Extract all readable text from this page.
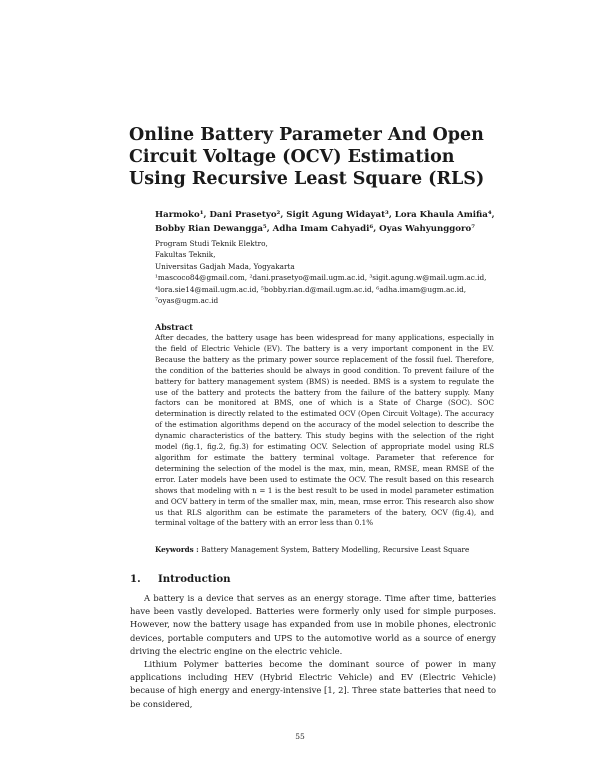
Online Battery Parameter And Open Circuit Voltage (OCV) Estimation Using Recursive Least Square (RLS)

Harmoko¹, Dani Prasetyo², Sigit Agung Widayat³, Lora Khaula Amifia⁴, Bobby Rian Dewangga⁵, Adha Imam Cahyadi⁶, Oyas Wahyunggoro⁷

Program Studi Teknik Elektro,
Fakultas Teknik,
Universitas Gadjah Mada, Yogyakarta
¹mascoco84@gmail.com, ²dani.prasetyo@mail.ugm.ac.id, ³sigit.agung.w@mail.ugm.ac.id,
⁴lora.sie14@mail.ugm.ac.id, ⁵bobby.rian.d@mail.ugm.ac.id, ⁶adha.imam@ugm.ac.id,
⁷oyas@ugm.ac.id
Abstract

After decades, the battery usage has been widespread for many applications, especially in the field of Electric Vehicle (EV). The battery is a very important component in the EV. Because the battery as the primary power source replacement of the fossil fuel. Therefore, the condition of the batteries should be always in good condition. To prevent failure of the battery for battery management system (BMS) is needed. BMS is a system to regulate the use of the battery and protects the battery from the failure of the battery supply. Many factors can be monitored at BMS, one of which is a State of Charge (SOC). SOC determination is directly related to the estimated OCV (Open Circuit Voltage). The accuracy of the estimation algorithms depend on the accuracy of the model selection to describe the dynamic characteristics of the battery. This study begins with the selection of the right model (fig.1, fig.2, fig.3) for estimating OCV. Selection of appropriate model using RLS algorithm for estimate the battery terminal voltage. Parameter that reference for determining the selection of the model is the max, min, mean, RMSE, mean RMSE of the error. Later models have been used to estimate the OCV. The result based on this research shows that modeling with n = 1 is the best result to be used in model parameter estimation and OCV battery in term of the smaller max, min, mean, rmse error. This research also show us that RLS algorithm can be estimate the parameters of the batery, OCV (fig.4), and terminal voltage of the battery with an error less than 0.1%

Keywords : Battery Management System, Battery Modelling, Recursive Least Square

1. Introduction

A battery is a device that serves as an energy storage. Time after time, batteries have been vastly developed. Batteries were formerly only used for simple purposes. However, now the battery usage has expanded from use in mobile phones, electronic devices, portable computers and UPS to the automotive world as a source of energy driving the electric engine on the electric vehicle.

Lithium Polymer batteries become the dominant source of power in many applications including HEV (Hybrid Electric Vehicle) and EV (Electric Vehicle) because of high energy and energy-intensive [1, 2]. Three state batteries that need to be considered,

55
